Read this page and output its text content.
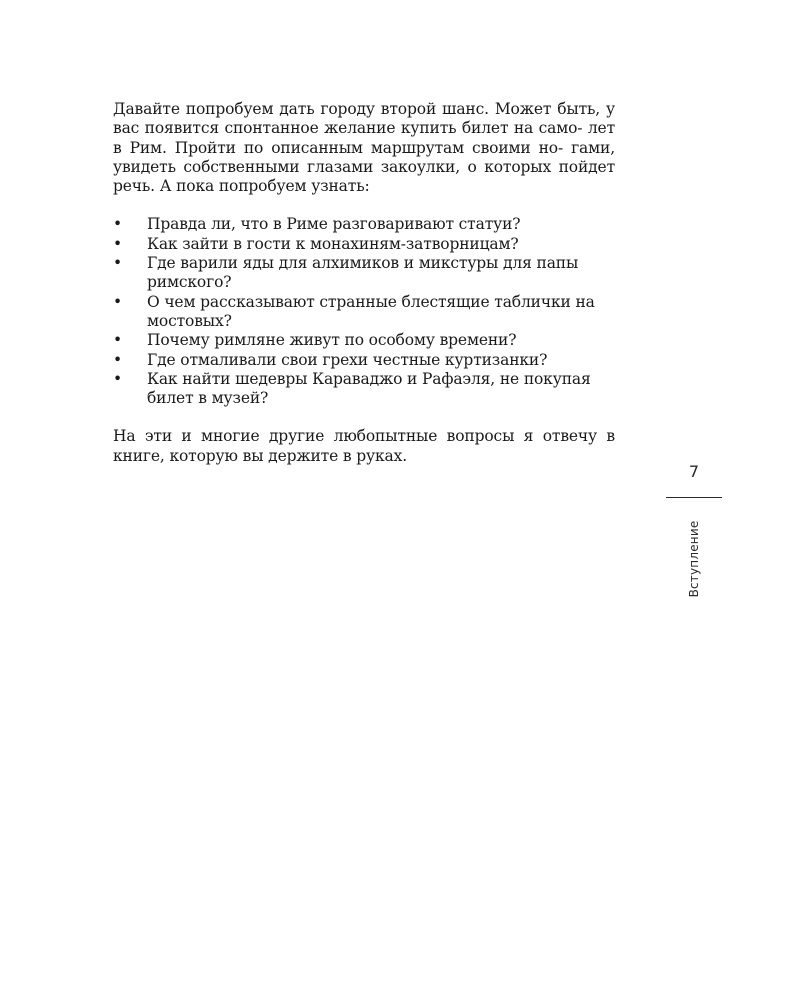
Давайте попробуем дать городу второй шанс. Может быть, у вас появится спонтанное желание купить билет на само- лет в Рим. Пройти по описанным маршрутам своими но- гами, увидеть собственными глазами закоулки, о которых пойдет речь. А пока попробуем узнать:

• Правда ли, что в Риме разговаривают статуи?
• Как зайти в гости к монахиням-затворницам?
• Где варили яды для алхимиков и микстуры для папы римского?
• О чем рассказывают странные блестящие таблички на мостовых?
• Почему римляне живут по особому времени?
• Где отмаливали свои грехи честные куртизанки?
• Как найти шедевры Караваджо и Рафаэля, не покупая билет в музей?

На эти и многие другие любопытные вопросы я отвечу в книге, которую вы держите в руках.

7
Вступление
